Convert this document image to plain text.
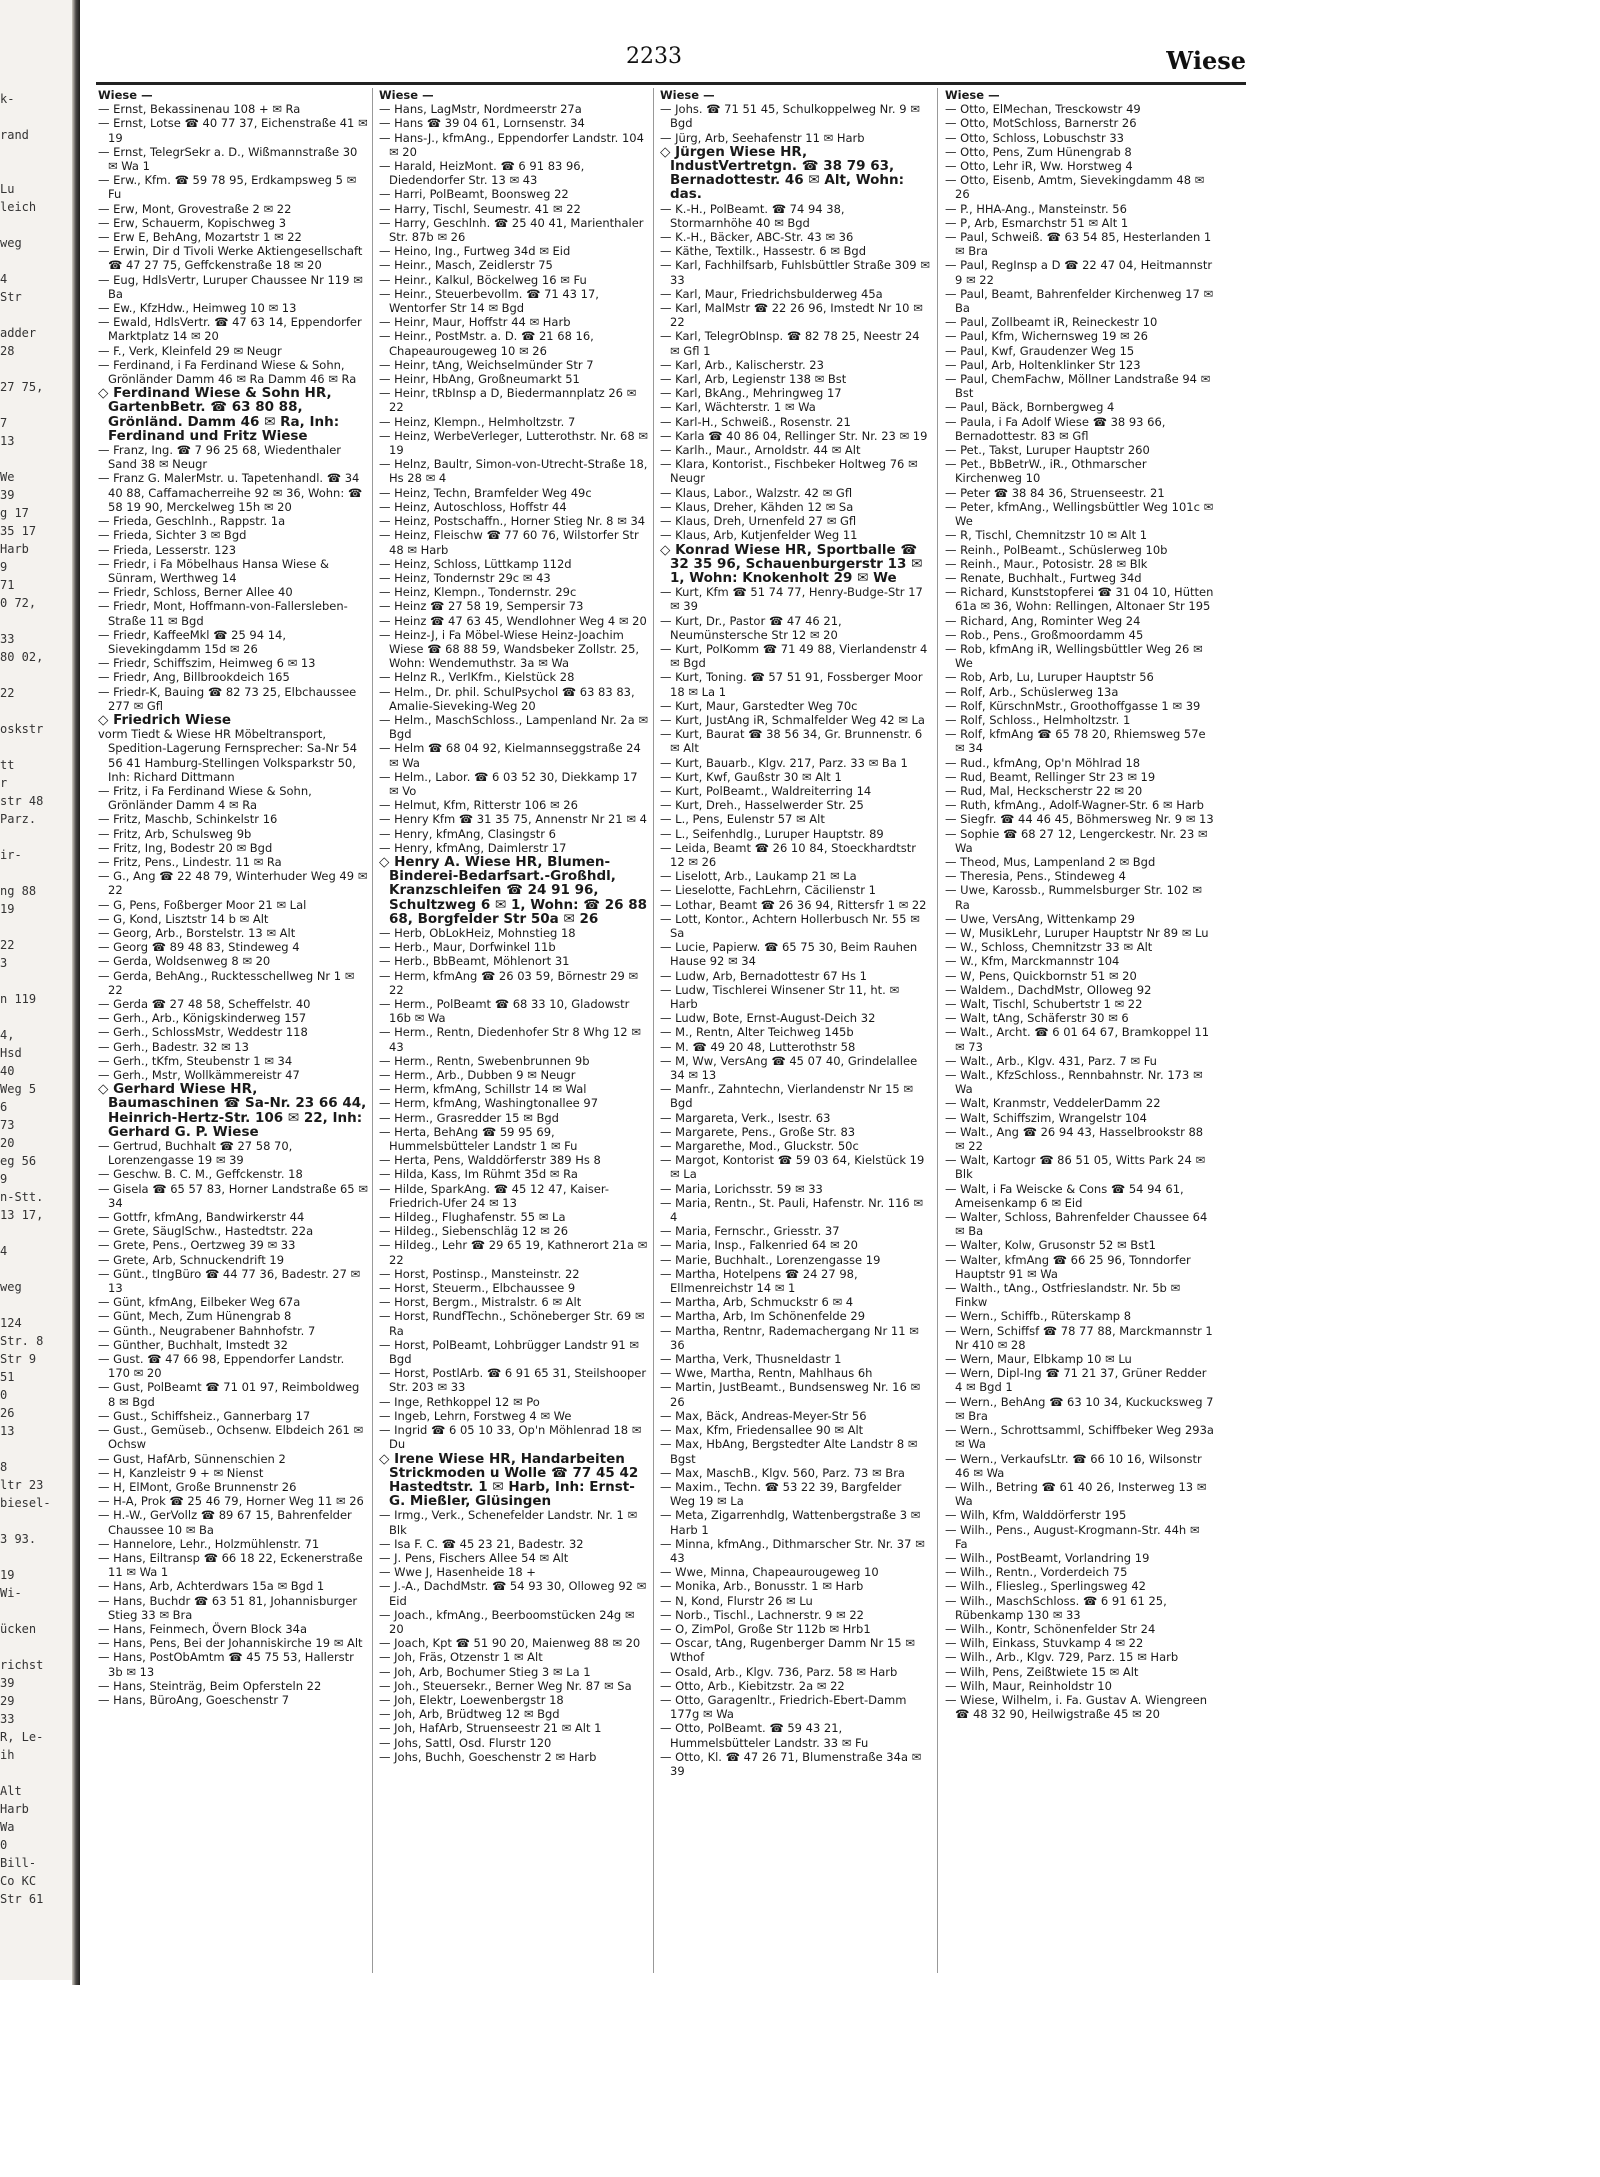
k-

rand

Lu
leich

weg

4
Str

adder
28

27 75,

7
13

We
39
g 17
35 17
Harb
9
71
0 72,

33
80 02,

22

oskstr

tt
r
str 48
Parz.

ir-

ng 88
19

22
3

n 119

4,
Hsd
40
Weg 5
6
73
20
eg 56
9
n-Stt.
13 17,

4

weg

124
Str. 8
Str 9
51
0
26
13

8
ltr 23
biesel-

3 93.

19
Wi-

ücken

richst
39
29
33
R, Le-
ih

Alt
Harb
Wa
0
Bill-
Co KC
Str 61
2233	Wiese
Wiese —

— Ernst, Bekassinenau 108 + ✉ Ra

— Ernst, Lotse ☎ 40 77 37, Eichenstraße 41 ✉ 19

— Ernst, TelegrSekr a. D., Wißmannstraße 30 ✉ Wa 1

— Erw., Kfm. ☎ 59 78 95, Erdkampsweg 5 ✉ Fu

— Erw, Mont, Grovestraße 2 ✉ 22

— Erw, Schauerm, Kopischweg 3

— Erw E, BehAng, Mozartstr 1 ✉ 22

— Erwin, Dir d Tivoli Werke Aktiengesellschaft ☎ 47 27 75, Geffckenstraße 18 ✉ 20

— Eug, HdlsVertr, Luruper Chaussee Nr 119 ✉ Ba

— Ew., KfzHdw., Heimweg 10 ✉ 13

— Ewald, HdlsVertr. ☎ 47 63 14, Eppendorfer Marktplatz 14 ✉ 20

— F., Verk, Kleinfeld 29 ✉ Neugr

— Ferdinand, i Fa Ferdinand Wiese & Sohn, Grönländer Damm 46 ✉ Ra Damm 46 ✉ Ra

◇ Ferdinand Wiese & Sohn HR, GartenbBetr. ☎ 63 80 88, Grönländ. Damm 46 ✉ Ra, Inh: Ferdinand und Fritz Wiese

— Franz, Ing. ☎ 7 96 25 68, Wiedenthaler Sand 38 ✉ Neugr

— Franz G. MalerMstr. u. Tapetenhandl. ☎ 34 40 88, Caffamacherreihe 92 ✉ 36, Wohn: ☎ 58 19 90, Merckelweg 15h ✉ 20

— Frieda, Geschlnh., Rappstr. 1a

— Frieda, Sichter 3 ✉ Bgd

— Frieda, Lesserstr. 123

— Friedr, i Fa Möbelhaus Hansa Wiese & Sünram, Werthweg 14

— Friedr, Schloss, Berner Allee 40

— Friedr, Mont, Hoffmann-von-Fallersleben-Straße 11 ✉ Bgd

— Friedr, KaffeeMkl ☎ 25 94 14, Sievekingdamm 15d ✉ 26

— Friedr, Schiffszim, Heimweg 6 ✉ 13

— Friedr, Ang, Billbrookdeich 165

— Friedr-K, Bauing ☎ 82 73 25, Elbchaussee 277 ✉ Gfl

◇ Friedrich Wiese

vorm Tiedt & Wiese HR Möbeltransport, Spedition-Lagerung Fernsprecher: Sa-Nr 54 56 41 Hamburg-Stellingen Volksparkstr 50, Inh: Richard Dittmann

— Fritz, i Fa Ferdinand Wiese & Sohn, Grönländer Damm 4 ✉ Ra

— Fritz, Maschb, Schinkelstr 16

— Fritz, Arb, Schulsweg 9b

— Fritz, Ing, Bodestr 20 ✉ Bgd

— Fritz, Pens., Lindestr. 11 ✉ Ra

— G., Ang ☎ 22 48 79, Winterhuder Weg 49 ✉ 22

— G, Pens, Foßberger Moor 21 ✉ Lal

— G, Kond, Lisztstr 14 b ✉ Alt

— Georg, Arb., Borstelstr. 13 ✉ Alt

— Georg ☎ 89 48 83, Stindeweg 4

— Gerda, Woldsenweg 8 ✉ 20

— Gerda, BehAng., Rucktesschellweg Nr 1 ✉ 22

— Gerda ☎ 27 48 58, Scheffelstr. 40

— Gerh., Arb., Königskinderweg 157

— Gerh., SchlossMstr, Weddestr 118

— Gerh., Badestr. 32 ✉ 13

— Gerh., tKfm, Steubenstr 1 ✉ 34

— Gerh., Mstr, Wollkämmereistr 47

◇ Gerhard Wiese HR, Baumaschinen ☎ Sa-Nr. 23 66 44, Heinrich-Hertz-Str. 106 ✉ 22, Inh: Gerhard G. P. Wiese

— Gertrud, Buchhalt ☎ 27 58 70, Lorenzengasse 19 ✉ 39

— Geschw. B. C. M., Geffckenstr. 18

— Gisela ☎ 65 57 83, Horner Landstraße 65 ✉ 34

— Gottfr, kfmAng, Bandwirkerstr 44

— Grete, SäuglSchw., Hastedtstr. 22a

— Grete, Pens., Oertzweg 39 ✉ 33

— Grete, Arb, Schnuckendrift 19

— Günt., tIngBüro ☎ 44 77 36, Badestr. 27 ✉ 13

— Günt, kfmAng, Eilbeker Weg 67a

— Günt, Mech, Zum Hünengrab 8

— Günth., Neugrabener Bahnhofstr. 7

— Günther, Buchhalt, Imstedt 32

— Gust. ☎ 47 66 98, Eppendorfer Landstr. 170 ✉ 20

— Gust, PolBeamt ☎ 71 01 97, Reimboldweg 8 ✉ Bgd

— Gust., Schiffsheiz., Gannerbarg 17

— Gust., Gemüseb., Ochsenw. Elbdeich 261 ✉ Ochsw

— Gust, HafArb, Sünnenschien 2

— H, Kanzleistr 9 + ✉ Nienst

— H, ElMont, Große Brunnenstr 26

— H-A, Prok ☎ 25 46 79, Horner Weg 11 ✉ 26

— H.-W., GerVollz ☎ 89 67 15, Bahrenfelder Chaussee 10 ✉ Ba

— Hannelore, Lehr., Holzmühlenstr. 71

— Hans, Eiltransp ☎ 66 18 22, Eckenerstraße 11 ✉ Wa 1

— Hans, Arb, Achterdwars 15a ✉ Bgd 1

— Hans, Buchdr ☎ 63 51 81, Johannisburger Stieg 33 ✉ Bra

— Hans, Feinmech, Övern Block 34a

— Hans, Pens, Bei der Johanniskirche 19 ✉ Alt

— Hans, PostObAmtm ☎ 45 75 53, Hallerstr 3b ✉ 13

— Hans, Steinträg, Beim Opfersteln 22

— Hans, BüroAng, Goeschenstr 7

Wiese —

— Hans, LagMstr, Nordmeerstr 27a

— Hans ☎ 39 04 61, Lornsenstr. 34

— Hans-J., kfmAng., Eppendorfer Landstr. 104 ✉ 20

— Harald, HeizMont. ☎ 6 91 83 96, Diedendorfer Str. 13 ✉ 43

— Harri, PolBeamt, Boonsweg 22

— Harry, Tischl, Seumestr. 41 ✉ 22

— Harry, Geschlnh. ☎ 25 40 41, Marienthaler Str. 87b ✉ 26

— Heino, Ing., Furtweg 34d ✉ Eid

— Heinr., Masch, Zeidlerstr 75

— Heinr., Kalkul, Böckelweg 16 ✉ Fu

— Heinr., Steuerbevollm. ☎ 71 43 17, Wentorfer Str 14 ✉ Bgd

— Heinr, Maur, Hoffstr 44 ✉ Harb

— Heinr., PostMstr. a. D. ☎ 21 68 16, Chapeaurougeweg 10 ✉ 26

— Heinr, tAng, Weichselmünder Str 7

— Heinr, HbAng, Großneumarkt 51

— Heinr, tRbInsp a D, Biedermannplatz 26 ✉ 22

— Heinz, Klempn., Helmholtzstr. 7

— Heinz, WerbeVerleger, Lutterothstr. Nr. 68 ✉ 19

— Helnz, Baultr, Simon-von-Utrecht-Straße 18, Hs 28 ✉ 4

— Heinz, Techn, Bramfelder Weg 49c

— Heinz, Autoschloss, Hoffstr 44

— Heinz, Postschaffn., Horner Stieg Nr. 8 ✉ 34

— Heinz, Fleischw ☎ 77 60 76, Wilstorfer Str 48 ✉ Harb

— Heinz, Schloss, Lüttkamp 112d

— Heinz, Tondernstr 29c ✉ 43

— Heinz, Klempn., Tondernstr. 29c

— Heinz ☎ 27 58 19, Sempersir 73

— Heinz ☎ 47 63 45, Wendlohner Weg 4 ✉ 20

— Heinz-J, i Fa Möbel-Wiese Heinz-Joachim Wiese ☎ 68 88 59, Wandsbeker Zollstr. 25, Wohn: Wendemuthstr. 3a ✉ Wa

— Helnz R., VerlKfm., Kielstück 28

— Helm., Dr. phil. SchulPsychol ☎ 63 83 83, Amalie-Sieveking-Weg 20

— Helm., MaschSchloss., Lampenland Nr. 2a ✉ Bgd

— Helm ☎ 68 04 92, Kielmannseggstraße 24 ✉ Wa

— Helm., Labor. ☎ 6 03 52 30, Diekkamp 17 ✉ Vo

— Helmut, Kfm, Ritterstr 106 ✉ 26

— Henry Kfm ☎ 31 35 75, Annenstr Nr 21 ✉ 4

— Henry, kfmAng, Clasingstr 6

— Henry, kfmAng, Daimlerstr 17

◇ Henry A. Wiese HR, Blumen-Binderei-Bedarfsart.-Großhdl, Kranzschleifen ☎ 24 91 96, Schultzweg 6 ✉ 1, Wohn: ☎ 26 88 68, Borgfelder Str 50a ✉ 26

— Herb, ObLokHeiz, Mohnstieg 18

— Herb., Maur, Dorfwinkel 11b

— Herb., BbBeamt, Möhlenort 31

— Herm, kfmAng ☎ 26 03 59, Börnestr 29 ✉ 22

— Herm., PolBeamt ☎ 68 33 10, Gladowstr 16b ✉ Wa

— Herm., Rentn, Diedenhofer Str 8 Whg 12 ✉ 43

— Herm., Rentn, Swebenbrunnen 9b

— Herm., Arb., Dubben 9 ✉ Neugr

— Herm, kfmAng, Schillstr 14 ✉ Wal

— Herm, kfmAng, Washingtonallee 97

— Herm., Grasredder 15 ✉ Bgd

— Herta, BehAng ☎ 59 95 69, Hummelsbütteler Landstr 1 ✉ Fu

— Herta, Pens, Walddörferstr 389 Hs 8

— Hilda, Kass, Im Rühmt 35d ✉ Ra

— Hilde, SparkAng. ☎ 45 12 47, Kaiser-Friedrich-Ufer 24 ✉ 13

— Hildeg., Flughafenstr. 55 ✉ La

— Hildeg., Siebenschläg 12 ✉ 26

— Hildeg., Lehr ☎ 29 65 19, Kathnerort 21a ✉ 22

— Horst, Postinsp., Mansteinstr. 22

— Horst, Steuerm., Elbchaussee 9

— Horst, Bergm., Mistralstr. 6 ✉ Alt

— Horst, RundfTechn., Schöneberger Str. 69 ✉ Ra

— Horst, PolBeamt, Lohbrügger Landstr 91 ✉ Bgd

— Horst, PostlArb. ☎ 6 91 65 31, Steilshooper Str. 203 ✉ 33

— Inge, Rethkoppel 12 ✉ Po

— Ingeb, Lehrn, Forstweg 4 ✉ We

— Ingrid ☎ 6 05 10 33, Op'n Möhlenrad 18 ✉ Du

◇ Irene Wiese HR, Handarbeiten Strickmoden u Wolle ☎ 77 45 42 Hastedtstr. 1 ✉ Harb, Inh: Ernst-G. Mießler, Glüsingen

— Irmg., Verk., Schenefelder Landstr. Nr. 1 ✉ Blk

— Isa F. C. ☎ 45 23 21, Badestr. 32

— J. Pens, Fischers Allee 54 ✉ Alt

— Wwe J, Hasenheide 18 +

— J.-A., DachdMstr. ☎ 54 93 30, Olloweg 92 ✉ Eid

— Joach., kfmAng., Beerboomstücken 24g ✉ 20

— Joach, Kpt ☎ 51 90 20, Maienweg 88 ✉ 20

— Joh, Fräs, Otzenstr 1 ✉ Alt

— Joh, Arb, Bochumer Stieg 3 ✉ La 1

— Joh., Steuersekr., Berner Weg Nr. 87 ✉ Sa

— Joh, Elektr, Loewenbergstr 18

— Joh, Arb, Brüdtweg 12 ✉ Bgd

— Joh, HafArb, Struenseestr 21 ✉ Alt 1

— Johs, Sattl, Osd. Flurstr 120

— Johs, Buchh, Goeschenstr 2 ✉ Harb

Wiese —

— Johs. ☎ 71 51 45, Schulkoppelweg Nr. 9 ✉ Bgd

— Jürg, Arb, Seehafenstr 11 ✉ Harb

◇ Jürgen Wiese HR, IndustVertretgn. ☎ 38 79 63, Bernadottestr. 46 ✉ Alt, Wohn: das.

— K.-H., PolBeamt. ☎ 74 94 38, Stormarnhöhe 40 ✉ Bgd

— K.-H., Bäcker, ABC-Str. 43 ✉ 36

— Käthe, Textilk., Hassestr. 6 ✉ Bgd

— Karl, Fachhilfsarb, Fuhlsbüttler Straße 309 ✉ 33

— Karl, Maur, Friedrichsbulderweg 45a

— Karl, MalMstr ☎ 22 26 96, Imstedt Nr 10 ✉ 22

— Karl, TelegrObInsp. ☎ 82 78 25, Neestr 24 ✉ Gfl 1

— Karl, Arb., Kalischerstr. 23

— Karl, Arb, Legienstr 138 ✉ Bst

— Karl, BkAng., Mehringweg 17

— Karl, Wächterstr. 1 ✉ Wa

— Karl-H., Schweiß., Rosenstr. 21

— Karla ☎ 40 86 04, Rellinger Str. Nr. 23 ✉ 19

— Karlh., Maur., Arnoldstr. 44 ✉ Alt

— Klara, Kontorist., Fischbeker Holtweg 76 ✉ Neugr

— Klaus, Labor., Walzstr. 42 ✉ Gfl

— Klaus, Dreher, Kähden 12 ✉ Sa

— Klaus, Dreh, Urnenfeld 27 ✉ Gfl

— Klaus, Arb, Kutjenfelder Weg 11

◇ Konrad Wiese HR, Sportballe ☎ 32 35 96, Schauenburgerstr 13 ✉ 1, Wohn: Knokenholt 29 ✉ We

— Kurt, Kfm ☎ 51 74 77, Henry-Budge-Str 17 ✉ 39

— Kurt, Dr., Pastor ☎ 47 46 21, Neumünstersche Str 12 ✉ 20

— Kurt, PolKomm ☎ 71 49 88, Vierlandenstr 4 ✉ Bgd

— Kurt, Toning. ☎ 57 51 91, Fossberger Moor 18 ✉ La 1

— Kurt, Maur, Garstedter Weg 70c

— Kurt, JustAng iR, Schmalfelder Weg 42 ✉ La

— Kurt, Baurat ☎ 38 56 34, Gr. Brunnenstr. 6 ✉ Alt

— Kurt, Bauarb., Klgv. 217, Parz. 33 ✉ Ba 1

— Kurt, Kwf, Gaußstr 30 ✉ Alt 1

— Kurt, PolBeamt., Waldreiterring 14

— Kurt, Dreh., Hasselwerder Str. 25

— L., Pens, Eulenstr 57 ✉ Alt

— L., Seifenhdlg., Luruper Hauptstr. 89

— Leida, Beamt ☎ 26 10 84, Stoeckhardtstr 12 ✉ 26

— Liselott, Arb., Laukamp 21 ✉ La

— Lieselotte, FachLehrn, Cäcilienstr 1

— Lothar, Beamt ☎ 26 36 94, Rittersfr 1 ✉ 22

— Lott, Kontor., Achtern Hollerbusch Nr. 55 ✉ Sa

— Lucie, Papierw. ☎ 65 75 30, Beim Rauhen Hause 92 ✉ 34

— Ludw, Arb, Bernadottestr 67 Hs 1

— Ludw, Tischlerei Winsener Str 11, ht. ✉ Harb

— Ludw, Bote, Ernst-August-Deich 32

— M., Rentn, Alter Teichweg 145b

— M. ☎ 49 20 48, Lutterothstr 58

— M, Ww, VersAng ☎ 45 07 40, Grindelallee 34 ✉ 13

— Manfr., Zahntechn, Vierlandenstr Nr 15 ✉ Bgd

— Margareta, Verk., Isestr. 63

— Margarete, Pens., Große Str. 83

— Margarethe, Mod., Gluckstr. 50c

— Margot, Kontorist ☎ 59 03 64, Kielstück 19 ✉ La

— Maria, Lorichsstr. 59 ✉ 33

— Maria, Rentn., St. Pauli, Hafenstr. Nr. 116 ✉ 4

— Maria, Fernschr., Griesstr. 37

— Maria, Insp., Falkenried 64 ✉ 20

— Marie, Buchhalt., Lorenzengasse 19

— Martha, Hotelpens ☎ 24 27 98, Ellmenreichstr 14 ✉ 1

— Martha, Arb, Schmuckstr 6 ✉ 4

— Martha, Arb, Im Schönenfelde 29

— Martha, Rentnr, Rademachergang Nr 11 ✉ 36

— Martha, Verk, Thusneldastr 1

— Wwe, Martha, Rentn, Mahlhaus 6h

— Martin, JustBeamt., Bundsensweg Nr. 16 ✉ 26

— Max, Bäck, Andreas-Meyer-Str 56

— Max, Kfm, Friedensallee 90 ✉ Alt

— Max, HbAng, Bergstedter Alte Landstr 8 ✉ Bgst

— Max, MaschB., Klgv. 560, Parz. 73 ✉ Bra

— Maxim., Techn. ☎ 53 22 39, Bargfelder Weg 19 ✉ La

— Meta, Zigarrenhdlg, Wattenbergstraße 3 ✉ Harb 1

— Minna, kfmAng., Dithmarscher Str. Nr. 37 ✉ 43

— Wwe, Minna, Chapeaurougeweg 10

— Monika, Arb., Bonusstr. 1 ✉ Harb

— N, Kond, Flurstr 26 ✉ Lu

— Norb., Tischl., Lachnerstr. 9 ✉ 22

— O, ZimPol, Große Str 112b ✉ Hrb1

— Oscar, tAng, Rugenberger Damm Nr 15 ✉ Wthof

— Osald, Arb., Klgv. 736, Parz. 58 ✉ Harb

— Otto, Arb., Kiebitzstr. 2a ✉ 22

— Otto, Garagenltr., Friedrich-Ebert-Damm 177g ✉ Wa

— Otto, PolBeamt. ☎ 59 43 21, Hummelsbütteler Landstr. 33 ✉ Fu

— Otto, Kl. ☎ 47 26 71, Blumenstraße 34a ✉ 39

Wiese —

— Otto, ElMechan, Tresckowstr 49

— Otto, MotSchloss, Barnerstr 26

— Otto, Schloss, Lobuschstr 33

— Otto, Pens, Zum Hünengrab 8

— Otto, Lehr iR, Ww. Horstweg 4

— Otto, Eisenb, Amtm, Sievekingdamm 48 ✉ 26

— P., HHA-Ang., Mansteinstr. 56

— P, Arb, Esmarchstr 51 ✉ Alt 1

— Paul, Schweiß. ☎ 63 54 85, Hesterlanden 1 ✉ Bra

— Paul, RegInsp a D ☎ 22 47 04, Heitmannstr 9 ✉ 22

— Paul, Beamt, Bahrenfelder Kirchenweg 17 ✉ Ba

— Paul, Zollbeamt iR, Reineckestr 10

— Paul, Kfm, Wichernsweg 19 ✉ 26

— Paul, Kwf, Graudenzer Weg 15

— Paul, Arb, Holtenklinker Str 123

— Paul, ChemFachw, Möllner Landstraße 94 ✉ Bst

— Paul, Bäck, Bornbergweg 4

— Paula, i Fa Adolf Wiese ☎ 38 93 66, Bernadottestr. 83 ✉ Gfl

— Pet., Takst, Luruper Hauptstr 260

— Pet., BbBetrW., iR., Othmarscher Kirchenweg 10

— Peter ☎ 38 84 36, Struenseestr. 21

— Peter, kfmAng., Wellingsbüttler Weg 101c ✉ We

— R, Tischl, Chemnitzstr 10 ✉ Alt 1

— Reinh., PolBeamt., Schüslerweg 10b

— Reinh., Maur., Potosistr. 28 ✉ Blk

— Renate, Buchhalt., Furtweg 34d

— Richard, Kunststopferei ☎ 31 04 10, Hütten 61a ✉ 36, Wohn: Rellingen, Altonaer Str 195

— Richard, Ang, Rominter Weg 24

— Rob., Pens., Großmoordamm 45

— Rob, kfmAng iR, Wellingsbüttler Weg 26 ✉ We

— Rob, Arb, Lu, Luruper Hauptstr 56

— Rolf, Arb., Schüslerweg 13a

— Rolf, KürschnMstr., Groothoffgasse 1 ✉ 39

— Rolf, Schloss., Helmholtzstr. 1

— Rolf, kfmAng ☎ 65 78 20, Rhiemsweg 57e ✉ 34

— Rud., kfmAng, Op'n Möhlrad 18

— Rud, Beamt, Rellinger Str 23 ✉ 19

— Rud, Mal, Heckscherstr 22 ✉ 20

— Ruth, kfmAng., Adolf-Wagner-Str. 6 ✉ Harb

— Siegfr. ☎ 44 46 45, Böhmersweg Nr. 9 ✉ 13

— Sophie ☎ 68 27 12, Lengerckestr. Nr. 23 ✉ Wa

— Theod, Mus, Lampenland 2 ✉ Bgd

— Theresia, Pens., Stindeweg 4

— Uwe, Karossb., Rummelsburger Str. 102 ✉ Ra

— Uwe, VersAng, Wittenkamp 29

— W, MusikLehr, Luruper Hauptstr Nr 89 ✉ Lu

— W., Schloss, Chemnitzstr 33 ✉ Alt

— W., Kfm, Marckmannstr 104

— W, Pens, Quickbornstr 51 ✉ 20

— Waldem., DachdMstr, Olloweg 92

— Walt, Tischl, Schubertstr 1 ✉ 22

— Walt, tAng, Schäferstr 30 ✉ 6

— Walt., Archt. ☎ 6 01 64 67, Bramkoppel 11 ✉ 73

— Walt., Arb., Klgv. 431, Parz. 7 ✉ Fu

— Walt., KfzSchloss., Rennbahnstr. Nr. 173 ✉ Wa

— Walt, Kranmstr, VeddelerDamm 22

— Walt, Schiffszim, Wrangelstr 104

— Walt., Ang ☎ 26 94 43, Hasselbrookstr 88 ✉ 22

— Walt, Kartogr ☎ 86 51 05, Witts Park 24 ✉ Blk

— Walt, i Fa Weiscke & Cons ☎ 54 94 61, Ameisenkamp 6 ✉ Eid

— Walter, Schloss, Bahrenfelder Chaussee 64 ✉ Ba

— Walter, Kolw, Grusonstr 52 ✉ Bst1

— Walter, kfmAng ☎ 66 25 96, Tonndorfer Hauptstr 91 ✉ Wa

— Walth., tAng., Ostfrieslandstr. Nr. 5b ✉ Finkw

— Wern., Schiffb., Rüterskamp 8

— Wern, Schiffsf ☎ 78 77 88, Marckmannstr 1 Nr 410 ✉ 28

— Wern, Maur, Elbkamp 10 ✉ Lu

— Wern, Dipl-Ing ☎ 71 21 37, Grüner Redder 4 ✉ Bgd 1

— Wern., BehAng ☎ 63 10 34, Kuckucksweg 7 ✉ Bra

— Wern., Schrottsamml, Schiffbeker Weg 293a ✉ Wa

— Wern., VerkaufsLtr. ☎ 66 10 16, Wilsonstr 46 ✉ Wa

— Wilh., Betring ☎ 61 40 26, Insterweg 13 ✉ Wa

— Wilh, Kfm, Walddörferstr 195

— Wilh., Pens., August-Krogmann-Str. 44h ✉ Fa

— Wilh., PostBeamt, Vorlandring 19

— Wilh., Rentn., Vorderdeich 75

— Wilh., Fliesleg., Sperlingsweg 42

— Wilh., MaschSchloss. ☎ 6 91 61 25, Rübenkamp 130 ✉ 33

— Wilh., Kontr, Schönenfelder Str 24

— Wilh, Einkass, Stuvkamp 4 ✉ 22

— Wilh., Arb., Klgv. 729, Parz. 15 ✉ Harb

— Wilh, Pens, Zeißtwiete 15 ✉ Alt

— Wilh, Maur, Reinholdstr 10

— Wiese, Wilhelm, i. Fa. Gustav A. Wiengreen ☎ 48 32 90, Heilwigstraße 45 ✉ 20
